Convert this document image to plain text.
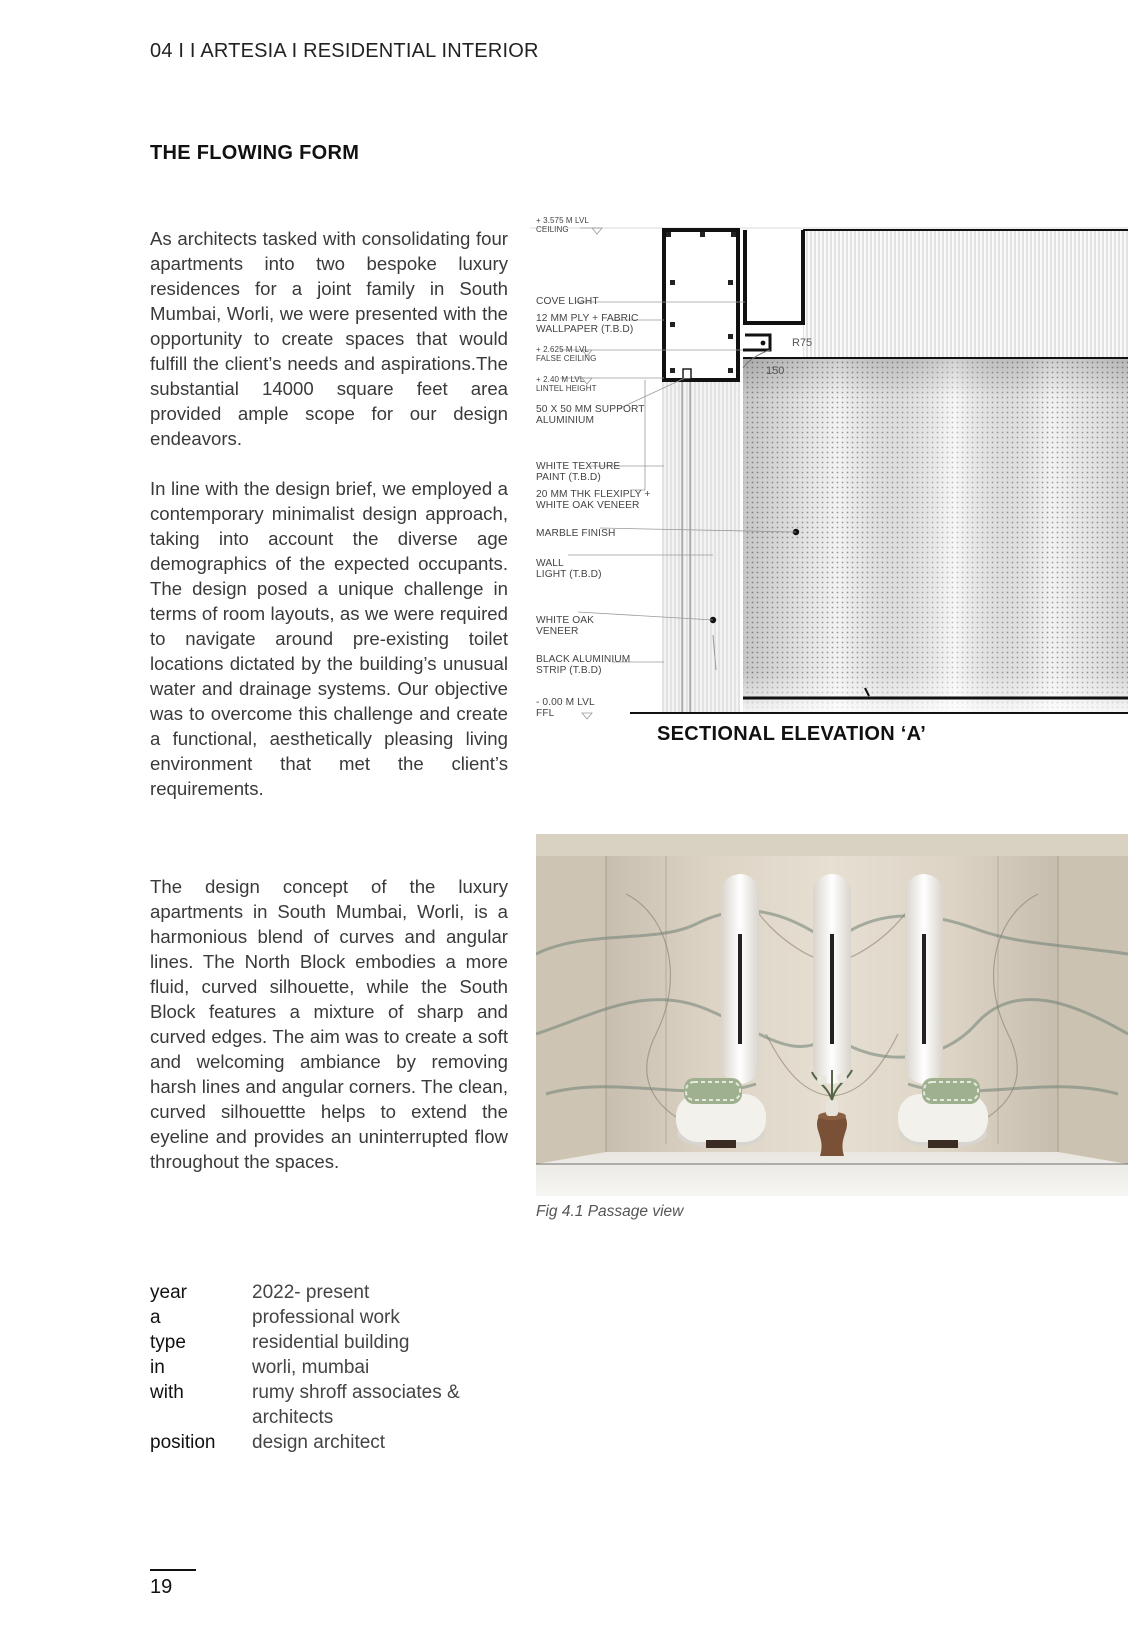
04 I I ARTESIA I RESIDENTIAL INTERIOR
THE FLOWING FORM

As architects tasked with consolidating four apartments into two bespoke luxury residences for a joint family in South Mumbai, Worli, we were presented with the opportunity to create spaces that would fulfill the client’s needs and aspirations.The substantial 14000 square feet area provided ample scope for our design endeavors.

In line with the design brief, we employed a contemporary minimalist design approach, taking into account the diverse age demographics of the expected occupants. The design posed a unique challenge in terms of room layouts, as we were required to navigate around pre-existing toilet locations dictated by the building’s unusual water and drainage systems. Our objective was to overcome this challenge and create a functional, aesthetically pleasing living environment that met the client’s requirements.

The design concept of the luxury apartments in South Mumbai, Worli, is a harmonious blend of curves and angular lines. The North Block embodies a more fluid, curved silhouette, while the South Block features a mixture of sharp and curved edges. The aim was to create a soft and welcoming ambiance by removing harsh lines and angular corners. The clean, curved silhouettte helps to extend the eyeline and provides an uninterrupted flow throughout the spaces.

+ 3.575 M LVL
CEILING
COVE LIGHT
12 MM PLY + FABRIC
WALLPAPER (T.B.D)
+ 2.625 M LVL
FALSE CEILING
+ 2.40 M LVL
LINTEL HEIGHT
50 X 50 MM SUPPORT
ALUMINIUM
WHITE TEXTURE
PAINT (T.B.D)
20 MM THK FLEXIPLY +
WHITE OAK VENEER
MARBLE FINISH
WALL
LIGHT (T.B.D)
WHITE OAK
VENEER
BLACK ALUMINIUM
STRIP (T.B.D)
- 0.00 M LVL
FFL
R75
150
SECTIONAL ELEVATION ‘A’
Fig 4.1 Passage view
year	2022- present
a	professional work
type	residential building
in	worli, mumbai
with	rumy shroff associates &
architects
position	design architect
19
